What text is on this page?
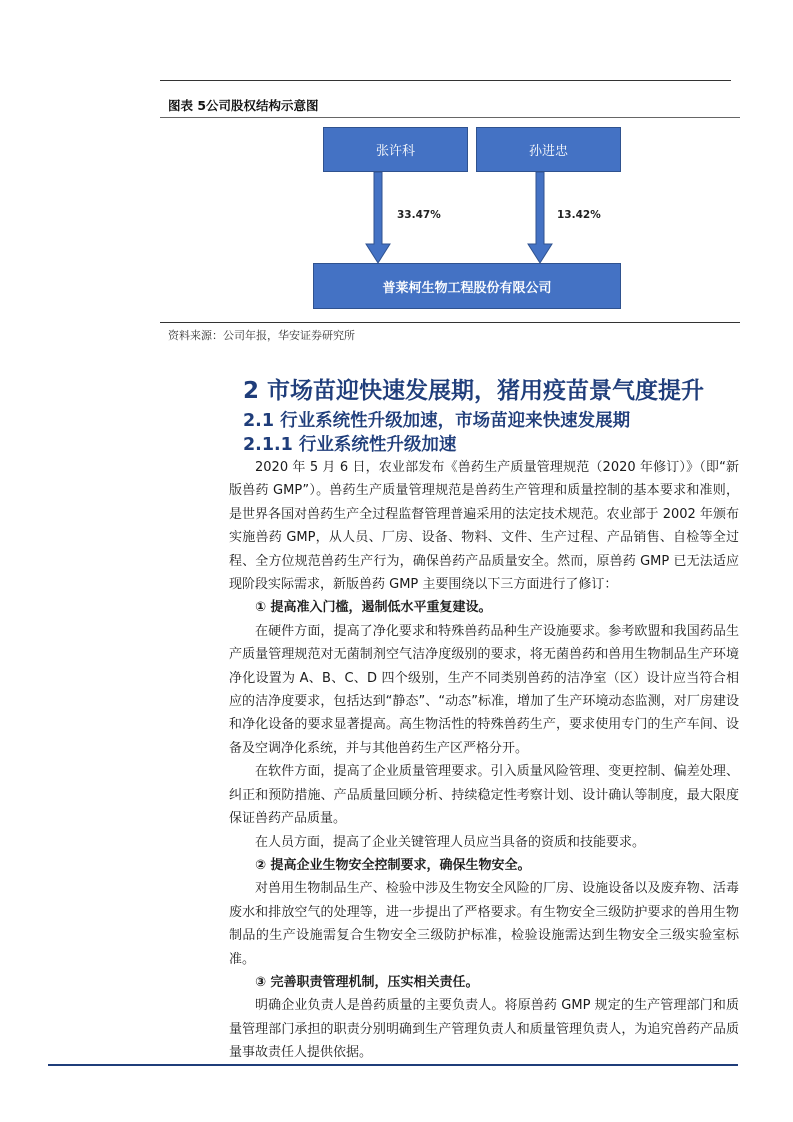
图表 5公司股权结构示意图
张许科	孙进忠
33.47%	13.42%
普莱柯生物工程股份有限公司
资料来源：公司年报，华安证券研究所
2 市场苗迎快速发展期，猪用疫苗景气度提升
2.1 行业系统性升级加速，市场苗迎来快速发展期
2.1.1 行业系统性升级加速

2020 年 5 月 6 日，农业部发布《兽药生产质量管理规范（2020 年修订）》（即“新版兽药 GMP”）。兽药生产质量管理规范是兽药生产管理和质量控制的基本要求和准则，是世界各国对兽药生产全过程监督管理普遍采用的法定技术规范。农业部于 2002 年颁布实施兽药 GMP，从人员、厂房、设备、物料、文件、生产过程、产品销售、自检等全过程、全方位规范兽药生产行为，确保兽药产品质量安全。然而，原兽药 GMP 已无法适应现阶段实际需求，新版兽药 GMP 主要围绕以下三方面进行了修订：

① 提高准入门槛，遏制低水平重复建设。

在硬件方面，提高了净化要求和特殊兽药品种生产设施要求。参考欧盟和我国药品生产质量管理规范对无菌制剂空气洁净度级别的要求，将无菌兽药和兽用生物制品生产环境净化设置为 A、B、C、D 四个级别，生产不同类别兽药的洁净室（区）设计应当符合相应的洁净度要求，包括达到“静态”、“动态”标准，增加了生产环境动态监测，对厂房建设和净化设备的要求显著提高。高生物活性的特殊兽药生产，要求使用专门的生产车间、设备及空调净化系统，并与其他兽药生产区严格分开。

在软件方面，提高了企业质量管理要求。引入质量风险管理、变更控制、偏差处理、纠正和预防措施、产品质量回顾分析、持续稳定性考察计划、设计确认等制度，最大限度保证兽药产品质量。

在人员方面，提高了企业关键管理人员应当具备的资质和技能要求。

② 提高企业生物安全控制要求，确保生物安全。

对兽用生物制品生产、检验中涉及生物安全风险的厂房、设施设备以及废弃物、活毒废水和排放空气的处理等，进一步提出了严格要求。有生物安全三级防护要求的兽用生物制品的生产设施需复合生物安全三级防护标准，检验设施需达到生物安全三级实验室标准。

③ 完善职责管理机制，压实相关责任。

明确企业负责人是兽药质量的主要负责人。将原兽药 GMP 规定的生产管理部门和质量管理部门承担的职责分别明确到生产管理负责人和质量管理负责人，为追究兽药产品质量事故责任人提供依据。
